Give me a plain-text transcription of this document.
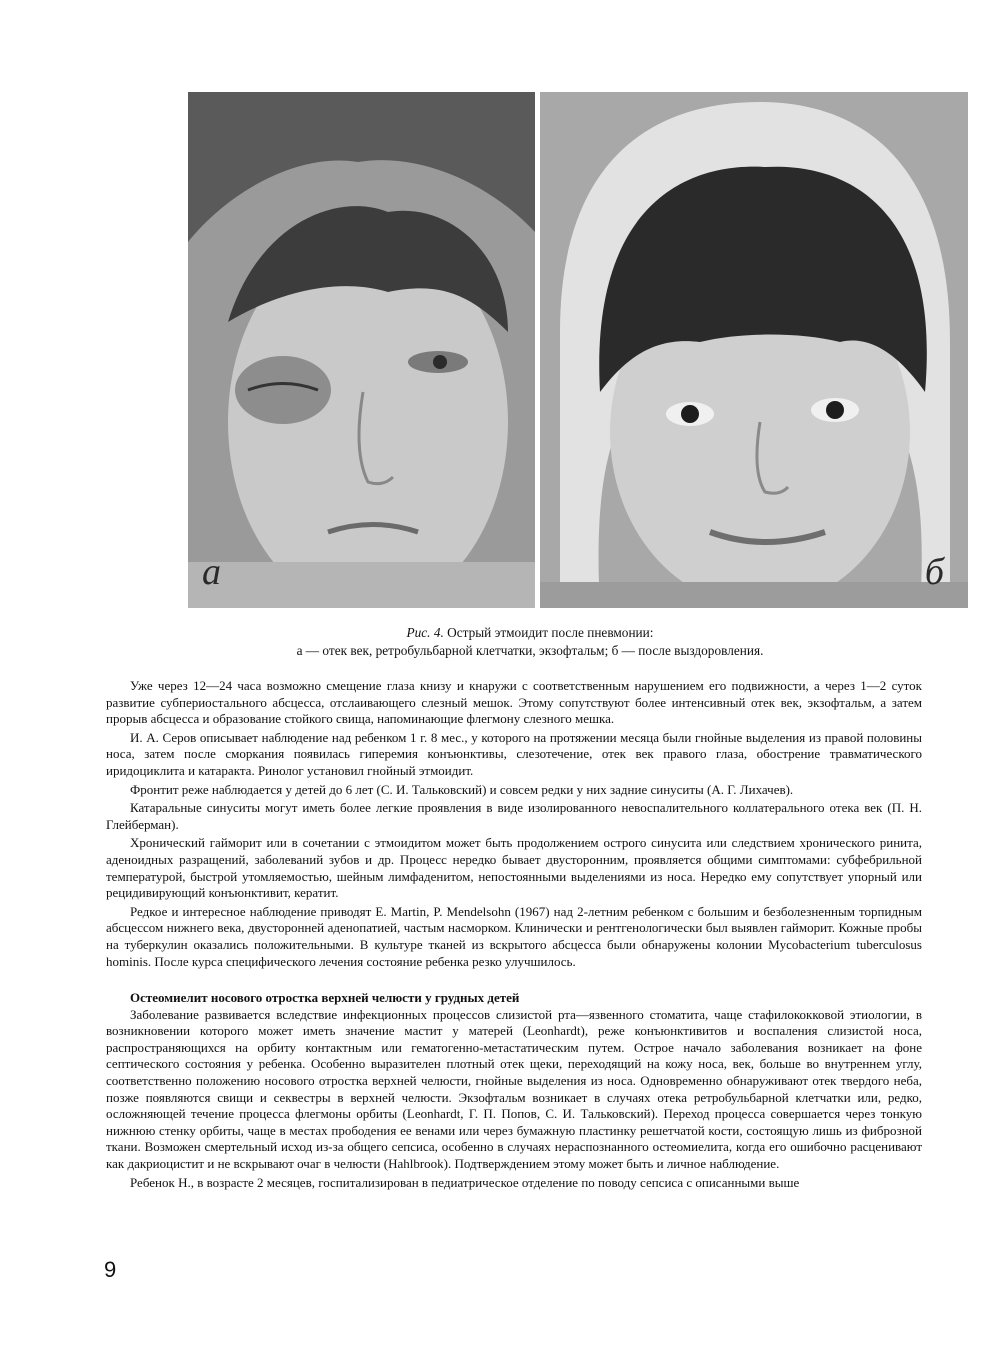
а	б
Рис. 4. Острый этмоидит после пневмонии:
а — отек век, ретробульбарной клетчатки, экзофтальм; б — после выздоровления.

Уже через 12—24 часа возможно смещение глаза книзу и кнаружи с соответственным нарушением его подвижности, а через 1—2 суток развитие субпериостального абсцесса, отслаивающего слезный мешок. Этому сопутствуют более интенсивный отек век, экзофтальм, а затем прорыв абсцесса и образование стойкого свища, напоминающие флегмону слезного мешка.

И. А. Серов описывает наблюдение над ребенком 1 г. 8 мес., у которого на протяжении месяца были гнойные выделения из правой половины носа, затем после сморкания появилась гиперемия конъюнктивы, слезотечение, отек век правого глаза, обострение травматического иридоциклита и катаракта. Ринолог установил гнойный этмоидит.

Фронтит реже наблюдается у детей до 6 лет (С. И. Тальковский) и совсем редки у них задние синуситы (А. Г. Лихачев).

Катаральные синуситы могут иметь более легкие проявления в виде изолированного невоспалительного коллатерального отека век (П. Н. Глейберман).

Хронический гайморит или в сочетании с этмоидитом может быть продолжением острого синусита или следствием хронического ринита, аденоидных разращений, заболеваний зубов и др. Процесс нередко бывает двусторонним, проявляется общими симптомами: субфебрильной температурой, быстрой утомляемостью, шейным лимфаденитом, непостоянными выделениями из носа. Нередко ему сопутствует упорный или рецидивирующий конъюнктивит, кератит.

Редкое и интересное наблюдение приводят E. Martin, P. Mendelsohn (1967) над 2-летним ребенком с большим и безболезненным торпидным абсцессом нижнего века, двусторонней аденопатией, частым насморком. Клинически и рентгенологически был выявлен гайморит. Кожные пробы на туберкулин оказались положительными. В культуре тканей из вскрытого абсцесса были обнаружены колонии Mycobacterium tuberculosus hominis. После курса специфического лечения состояние ребенка резко улучшилось.

Остеомиелит носового отростка верхней челюсти у грудных детей

Заболевание развивается вследствие инфекционных процессов слизистой рта—язвенного стоматита, чаще стафилококковой этиологии, в возникновении которого может иметь значение мастит у матерей (Leonhardt), реже конъюнктивитов и воспаления слизистой носа, распространяющихся на орбиту контактным или гематогенно-метастатическим путем. Острое начало заболевания возникает на фоне септического состояния у ребенка. Особенно выразителен плотный отек щеки, переходящий на кожу носа, век, больше во внутреннем углу, соответственно положению носового отростка верхней челюсти, гнойные выделения из носа. Одновременно обнаруживают отек твердого неба, позже появляются свищи и секвестры в верхней челюсти. Экзофтальм возникает в случаях отека ретробульбарной клетчатки или, редко, осложняющей течение процесса флегмоны орбиты (Leonhardt, Г. П. Попов, С. И. Тальковский). Переход процесса совершается через тонкую нижнюю стенку орбиты, чаще в местах прободения ее венами или через бумажную пластинку решетчатой кости, состоящую лишь из фиброзной ткани. Возможен смертельный исход из-за общего сепсиса, особенно в случаях нераспознанного остеомиелита, когда его ошибочно расценивают как дакриоцистит и не вскрывают очаг в челюсти (Hahlbrook). Подтверждением этому может быть и личное наблюдение.

Ребенок Н., в возрасте 2 месяцев, госпитализирован в педиатрическое отделение по поводу сепсиса с описанными выше

9
